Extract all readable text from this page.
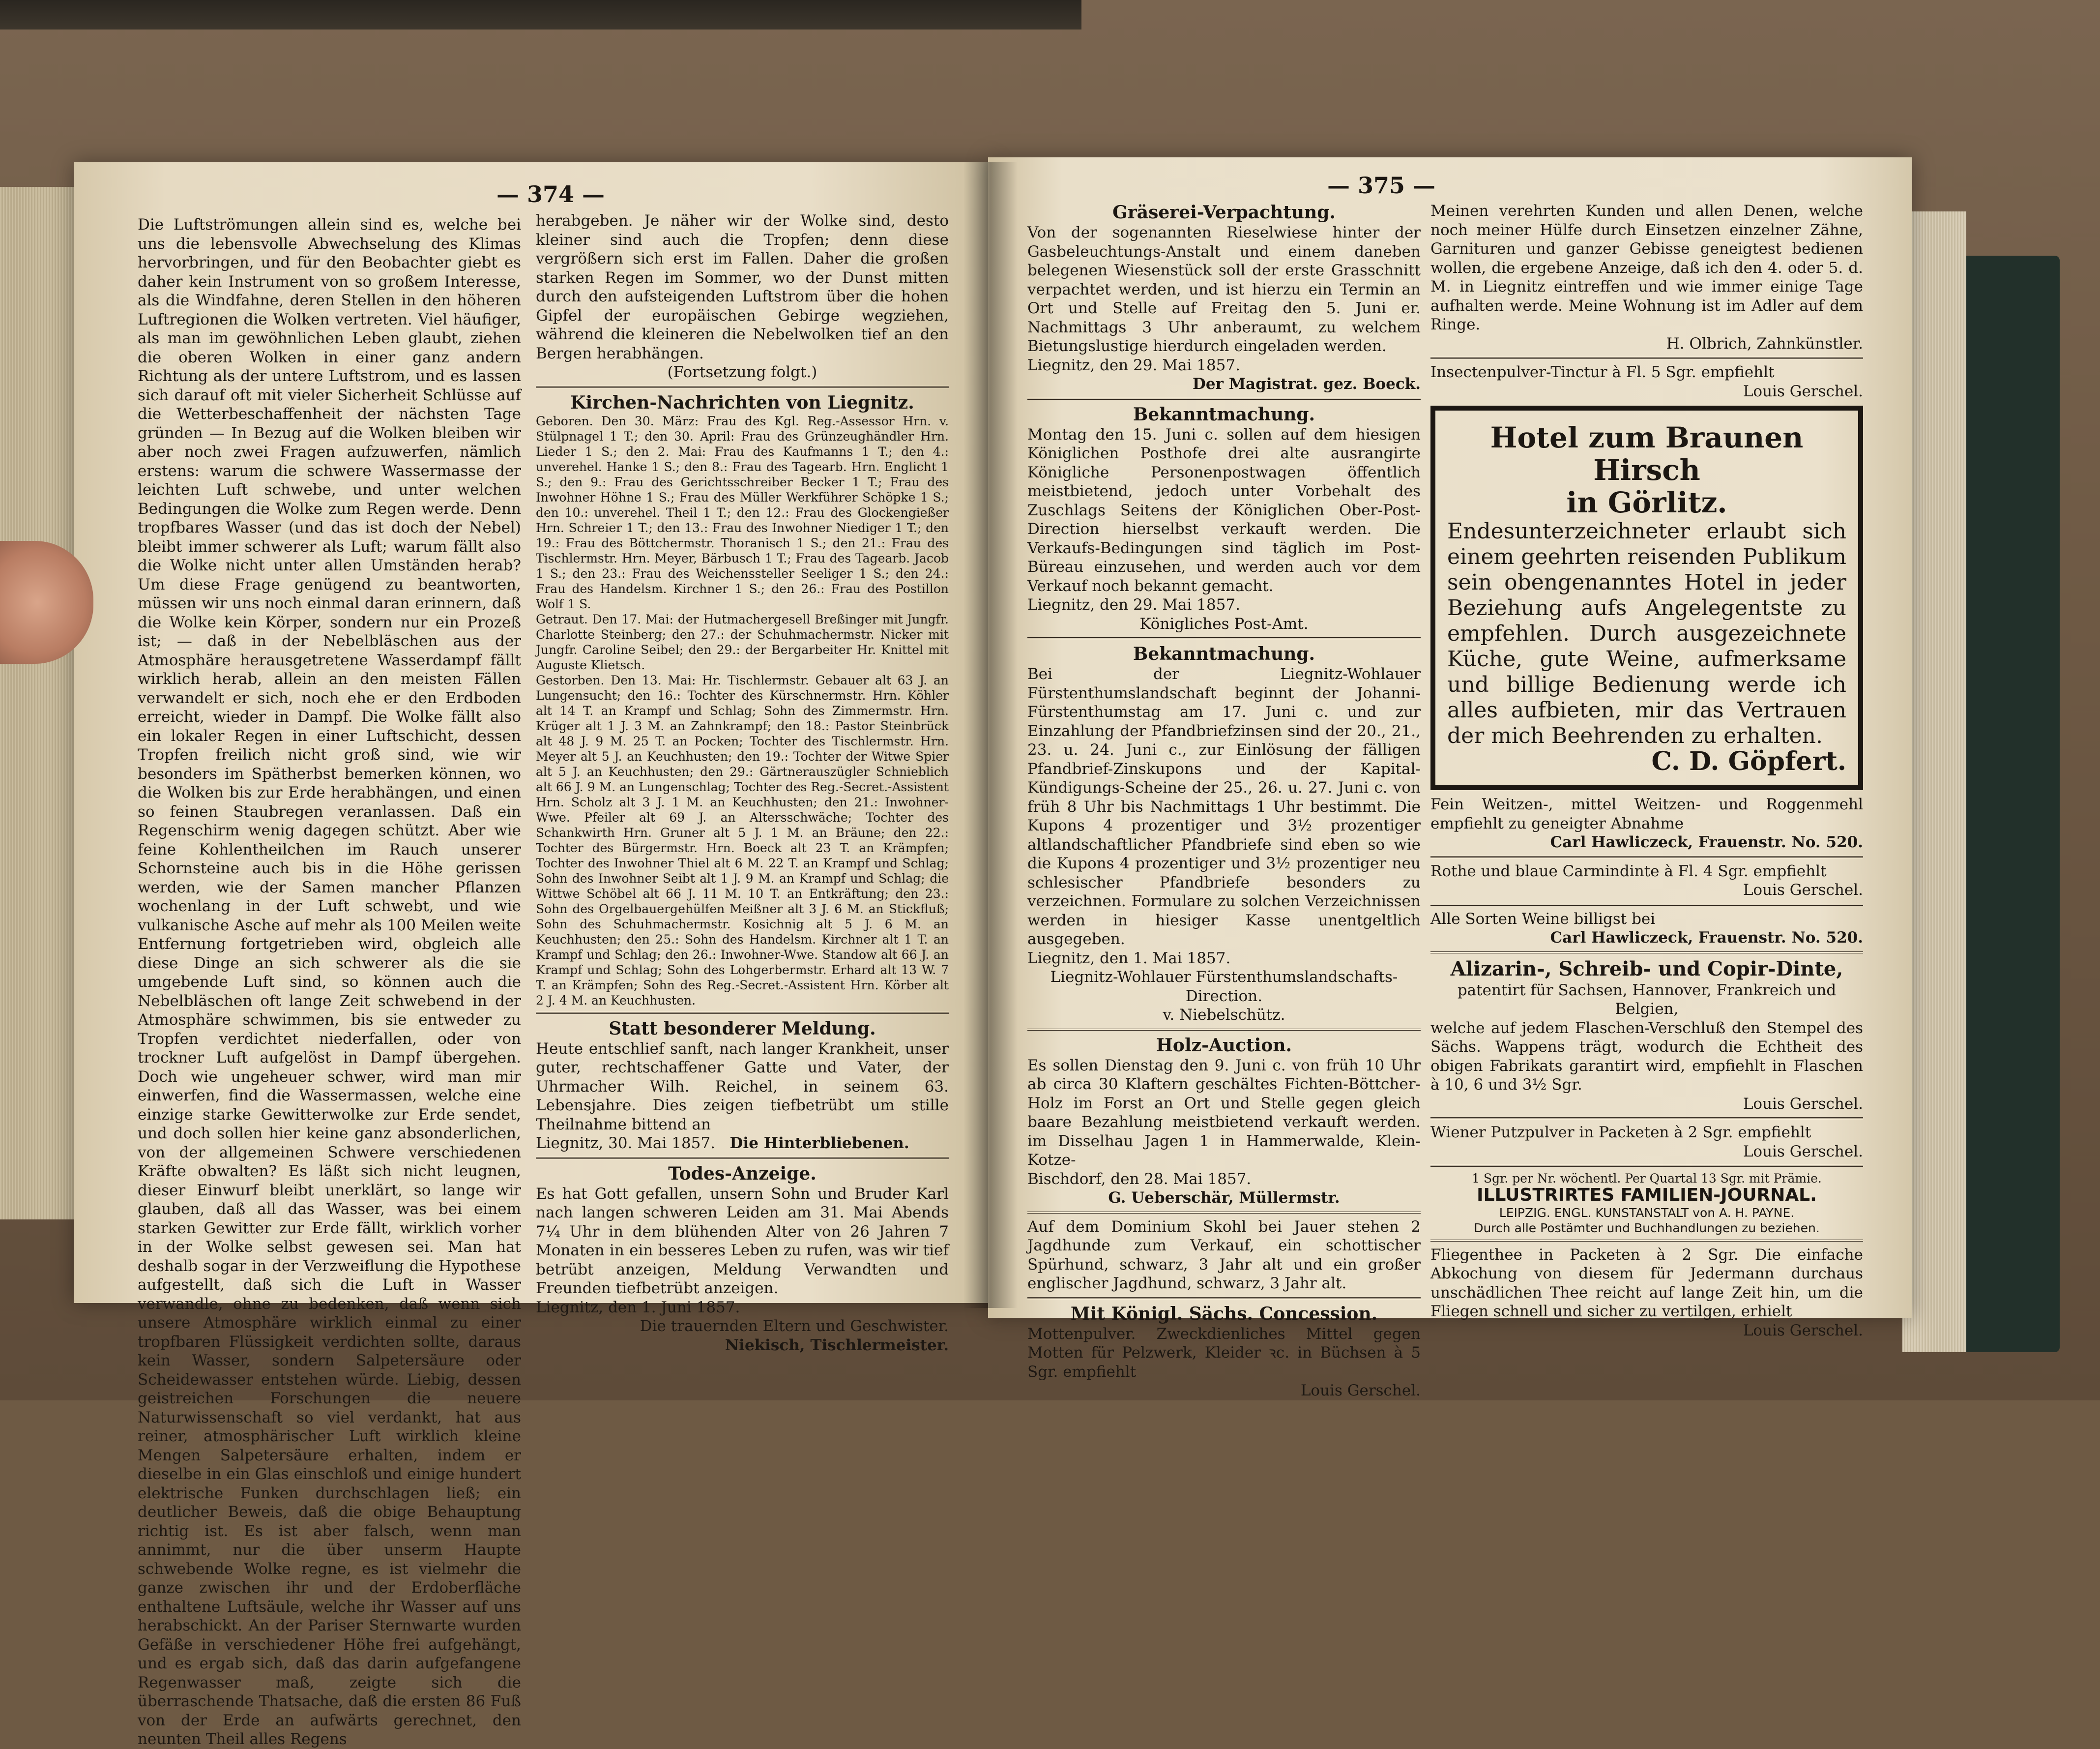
— 374 —

Die Luftströmungen allein sind es, welche bei uns die lebensvolle Abwechselung des Klimas hervorbringen, und für den Beobachter giebt es daher kein Instrument von so großem Interesse, als die Windfahne, deren Stellen in den höheren Luftregionen die Wolken vertreten. Viel häufiger, als man im gewöhnlichen Leben glaubt, ziehen die oberen Wolken in einer ganz andern Richtung als der untere Luftstrom, und es lassen sich darauf oft mit vieler Sicherheit Schlüsse auf die Wetterbeschaffenheit der nächsten Tage gründen — In Bezug auf die Wolken bleiben wir aber noch zwei Fragen aufzuwerfen, nämlich erstens: warum die schwere Wassermasse der leichten Luft schwebe, und unter welchen Bedingungen die Wolke zum Regen werde. Denn tropfbares Wasser (und das ist doch der Nebel) bleibt immer schwerer als Luft; warum fällt also die Wolke nicht unter allen Umständen herab? Um diese Frage genügend zu beantworten, müssen wir uns noch einmal daran erinnern, daß die Wolke kein Körper, sondern nur ein Prozeß ist; — daß in der Nebelbläschen aus der Atmosphäre herausgetretene Wasserdampf fällt wirklich herab, allein an den meisten Fällen verwandelt er sich, noch ehe er den Erdboden erreicht, wieder in Dampf. Die Wolke fällt also ein lokaler Regen in einer Luftschicht, dessen Tropfen freilich nicht groß sind, wie wir besonders im Spätherbst bemerken können, wo die Wolken bis zur Erde herabhängen, und einen so feinen Staubregen veranlassen. Daß ein Regenschirm wenig dagegen schützt. Aber wie feine Kohlentheilchen im Rauch unserer Schornsteine auch bis in die Höhe gerissen werden, wie der Samen mancher Pflanzen wochenlang in der Luft schwebt, und wie vulkanische Asche auf mehr als 100 Meilen weite Entfernung fortgetrieben wird, obgleich alle diese Dinge an sich schwerer als die sie umgebende Luft sind, so können auch die Nebelbläschen oft lange Zeit schwebend in der Atmosphäre schwimmen, bis sie entweder zu Tropfen verdichtet niederfallen, oder von trockner Luft aufgelöst in Dampf übergehen. Doch wie ungeheuer schwer, wird man mir einwerfen, find die Wassermassen, welche eine einzige starke Gewitterwolke zur Erde sendet, und doch sollen hier keine ganz absonderlichen, von der allgemeinen Schwere verschiedenen Kräfte obwalten? Es läßt sich nicht leugnen, dieser Einwurf bleibt unerklärt, so lange wir glauben, daß all das Wasser, was bei einem starken Gewitter zur Erde fällt, wirklich vorher in der Wolke selbst gewesen sei. Man hat deshalb sogar in der Verzweiflung die Hypothese aufgestellt, daß sich die Luft in Wasser verwandle, ohne zu bedenken, daß wenn sich unsere Atmosphäre wirklich einmal zu einer tropfbaren Flüssigkeit verdichten sollte, daraus kein Wasser, sondern Salpetersäure oder Scheidewasser entstehen würde. Liebig, dessen geistreichen Forschungen die neuere Naturwissenschaft so viel verdankt, hat aus reiner, atmosphärischer Luft wirklich kleine Mengen Salpetersäure erhalten, indem er dieselbe in ein Glas einschloß und einige hundert elektrische Funken durchschlagen ließ; ein deutlicher Beweis, daß die obige Behauptung richtig ist. Es ist aber falsch, wenn man annimmt, nur die über unserm Haupte schwebende Wolke regne, es ist vielmehr die ganze zwischen ihr und der Erdoberfläche enthaltene Luftsäule, welche ihr Wasser auf uns herabschickt. An der Pariser Sternwarte wurden Gefäße in verschiedener Höhe frei aufgehängt, und es ergab sich, daß das darin aufgefangene Regenwasser maß, zeigte sich die überraschende Thatsache, daß die ersten 86 Fuß von der Erde an aufwärts gerechnet, den neunten Theil alles Regens

herabgeben. Je näher wir der Wolke sind, desto kleiner sind auch die Tropfen; denn diese vergrößern sich erst im Fallen. Daher die großen starken Regen im Sommer, wo der Dunst mitten durch den aufsteigenden Luftstrom über die hohen Gipfel der europäischen Gebirge wegziehen, während die kleineren die Nebelwolken tief an den Bergen herabhängen.

(Fortsetzung folgt.)

Kirchen-Nachrichten von Liegnitz.

Geboren. Den 30. März: Frau des Kgl. Reg.-Assessor Hrn. v. Stülpnagel 1 T.; den 30. April: Frau des Grünzeughändler Hrn. Lieder 1 S.; den 2. Mai: Frau des Kaufmanns 1 T.; den 4.: unverehel. Hanke 1 S.; den 8.: Frau des Tagearb. Hrn. Englicht 1 S.; den 9.: Frau des Gerichtsschreiber Becker 1 T.; Frau des Inwohner Höhne 1 S.; Frau des Müller Werkführer Schöpke 1 S.; den 10.: unverehel. Theil 1 T.; den 12.: Frau des Glockengießer Hrn. Schreier 1 T.; den 13.: Frau des Inwohner Niediger 1 T.; den 19.: Frau des Böttchermstr. Thoranisch 1 S.; den 21.: Frau des Tischlermstr. Hrn. Meyer, Bärbusch 1 T.; Frau des Tagearb. Jacob 1 S.; den 23.: Frau des Weichenssteller Seeliger 1 S.; den 24.: Frau des Handelsm. Kirchner 1 S.; den 26.: Frau des Postillon Wolf 1 S.

Getraut. Den 17. Mai: der Hutmachergesell Breßinger mit Jungfr. Charlotte Steinberg; den 27.: der Schuhmachermstr. Nicker mit Jungfr. Caroline Seibel; den 29.: der Bergarbeiter Hr. Knittel mit Auguste Klietsch.

Gestorben. Den 13. Mai: Hr. Tischlermstr. Gebauer alt 63 J. an Lungensucht; den 16.: Tochter des Kürschnermstr. Hrn. Köhler alt 14 T. an Krampf und Schlag; Sohn des Zimmermstr. Hrn. Krüger alt 1 J. 3 M. an Zahnkrampf; den 18.: Pastor Steinbrück alt 48 J. 9 M. 25 T. an Pocken; Tochter des Tischlermstr. Hrn. Meyer alt 5 J. an Keuchhusten; den 19.: Tochter der Witwe Spier alt 5 J. an Keuchhusten; den 29.: Gärtnerauszügler Schnieblich alt 66 J. 9 M. an Lungenschlag; Tochter des Reg.-Secret.-Assistent Hrn. Scholz alt 3 J. 1 M. an Keuchhusten; den 21.: Inwohner-Wwe. Pfeiler alt 69 J. an Altersschwäche; Tochter des Schankwirth Hrn. Gruner alt 5 J. 1 M. an Bräune; den 22.: Tochter des Bürgermstr. Hrn. Boeck alt 23 T. an Krämpfen; Tochter des Inwohner Thiel alt 6 M. 22 T. an Krampf und Schlag; Sohn des Inwohner Seibt alt 1 J. 9 M. an Krampf und Schlag; die Wittwe Schöbel alt 66 J. 11 M. 10 T. an Entkräftung; den 23.: Sohn des Orgelbauergehülfen Meißner alt 3 J. 6 M. an Stickfluß; Sohn des Schuhmachermstr. Kosichnig alt 5 J. 6 M. an Keuchhusten; den 25.: Sohn des Handelsm. Kirchner alt 1 T. an Krampf und Schlag; den 26.: Inwohner-Wwe. Standow alt 66 J. an Krampf und Schlag; Sohn des Lohgerbermstr. Erhard alt 13 W. 7 T. an Krämpfen; Sohn des Reg.-Secret.-Assistent Hrn. Körber alt 2 J. 4 M. an Keuchhusten.

Statt besonderer Meldung.

Heute entschlief sanft, nach langer Krankheit, unser guter, rechtschaffener Gatte und Vater, der Uhrmacher Wilh. Reichel, in seinem 63. Lebensjahre. Dies zeigen tiefbetrübt um stille Theilnahme bittend an

Liegnitz, 30. Mai 1857. Die Hinterbliebenen.

Todes-Anzeige.

Es hat Gott gefallen, unsern Sohn und Bruder Karl nach langen schweren Leiden am 31. Mai Abends 7¼ Uhr in dem blühenden Alter von 26 Jahren 7 Monaten in ein besseres Leben zu rufen, was wir tief betrübt anzeigen, Meldung Verwandten und Freunden tiefbetrübt anzeigen.

Liegnitz, den 1. Juni 1857.

Die trauernden Eltern und Geschwister.

Niekisch, Tischlermeister.

— 375 —

Gräserei-Verpachtung.

Von der sogenannten Rieselwiese hinter der Gasbeleuchtungs-Anstalt und einem daneben belegenen Wiesenstück soll der erste Grasschnitt verpachtet werden, und ist hierzu ein Termin an Ort und Stelle auf Freitag den 5. Juni er. Nachmittags 3 Uhr anberaumt, zu welchem Bietungslustige hierdurch eingeladen werden.

Liegnitz, den 29. Mai 1857.

Der Magistrat. gez. Boeck.

Bekanntmachung.

Montag den 15. Juni c. sollen auf dem hiesigen Königlichen Posthofe drei alte ausrangirte Königliche Personenpostwagen öffentlich meistbietend, jedoch unter Vorbehalt des Zuschlags Seitens der Königlichen Ober-Post-Direction hierselbst verkauft werden. Die Verkaufs-Bedingungen sind täglich im Post-Büreau einzusehen, und werden auch vor dem Verkauf noch bekannt gemacht.

Liegnitz, den 29. Mai 1857.

Königliches Post-Amt.

Bekanntmachung.

Bei der Liegnitz-Wohlauer Fürstenthumslandschaft beginnt der Johanni-Fürstenthumstag am 17. Juni c. und zur Einzahlung der Pfandbriefzinsen sind der 20., 21., 23. u. 24. Juni c., zur Einlösung der fälligen Pfandbrief-Zinskupons und der Kapital-Kündigungs-Scheine der 25., 26. u. 27. Juni c. von früh 8 Uhr bis Nachmittags 1 Uhr bestimmt. Die Kupons 4 prozentiger und 3½ prozentiger altlandschaftlicher Pfandbriefe sind eben so wie die Kupons 4 prozentiger und 3½ prozentiger neu schlesischer Pfandbriefe besonders zu verzeichnen. Formulare zu solchen Verzeichnissen werden in hiesiger Kasse unentgeltlich ausgegeben.

Liegnitz, den 1. Mai 1857.

Liegnitz-Wohlauer Fürstenthumslandschafts-Direction.

v. Niebelschütz.

Holz-Auction.

Es sollen Dienstag den 9. Juni c. von früh 10 Uhr ab circa 30 Klaftern geschältes Fichten-Böttcher-Holz im Forst an Ort und Stelle gegen gleich baare Bezahlung meistbietend verkauft werden. im Disselhau Jagen 1 in Hammerwalde, Klein-Kotze-

Bischdorf, den 28. Mai 1857.

G. Ueberschär, Müllermstr.

Auf dem Dominium Skohl bei Jauer stehen 2 Jagdhunde zum Verkauf, ein schottischer Spürhund, schwarz, 3 Jahr alt und ein großer englischer Jagdhund, schwarz, 3 Jahr alt.

Mit Königl. Sächs. Concession.

Mottenpulver. Zweckdienliches Mittel gegen Motten für Pelzwerk, Kleider ꝛc. in Büchsen à 5 Sgr. empfiehlt

Louis Gerschel.

Meinen verehrten Kunden und allen Denen, welche noch meiner Hülfe durch Einsetzen einzelner Zähne, Garnituren und ganzer Gebisse geneigtest bedienen wollen, die ergebene Anzeige, daß ich den 4. oder 5. d. M. in Liegnitz eintreffen und wie immer einige Tage aufhalten werde. Meine Wohnung ist im Adler auf dem Ringe.

H. Olbrich, Zahnkünstler.

Insectenpulver-Tinctur à Fl. 5 Sgr. empfiehlt

Louis Gerschel.

Hotel zum Braunen Hirsch
in Görlitz.

Endesunterzeichneter erlaubt sich einem geehrten reisenden Publikum sein obengenanntes Hotel in jeder Beziehung aufs Angelegentste zu empfehlen. Durch ausgezeichnete Küche, gute Weine, aufmerksame und billige Bedienung werde ich alles aufbieten, mir das Vertrauen der mich Beehrenden zu erhalten.

C. D. Göpfert.

Fein Weitzen-, mittel Weitzen- und Roggenmehl empfiehlt zu geneigter Abnahme

Carl Hawliczeck, Frauenstr. No. 520.

Rothe und blaue Carmindinte à Fl. 4 Sgr. empfiehlt

Louis Gerschel.

Alle Sorten Weine billigst bei

Carl Hawliczeck, Frauenstr. No. 520.

Alizarin-, Schreib- und Copir-Dinte,

patentirt für Sachsen, Hannover, Frankreich und Belgien,

welche auf jedem Flaschen-Verschluß den Stempel des Sächs. Wappens trägt, wodurch die Echtheit des obigen Fabrikats garantirt wird, empfiehlt in Flaschen à 10, 6 und 3½ Sgr.

Louis Gerschel.

Wiener Putzpulver in Packeten à 2 Sgr. empfiehlt

Louis Gerschel.

1 Sgr. per Nr. wöchentl. Per Quartal 13 Sgr. mit Prämie.

ILLUSTRIRTES FAMILIEN-JOURNAL.

LEIPZIG. ENGL. KUNSTANSTALT von A. H. PAYNE.

Durch alle Postämter und Buchhandlungen zu beziehen.

Fliegenthee in Packeten à 2 Sgr. Die einfache Abkochung von diesem für Jedermann durchaus unschädlichen Thee reicht auf lange Zeit hin, um die Fliegen schnell und sicher zu vertilgen, erhielt

Louis Gerschel.
